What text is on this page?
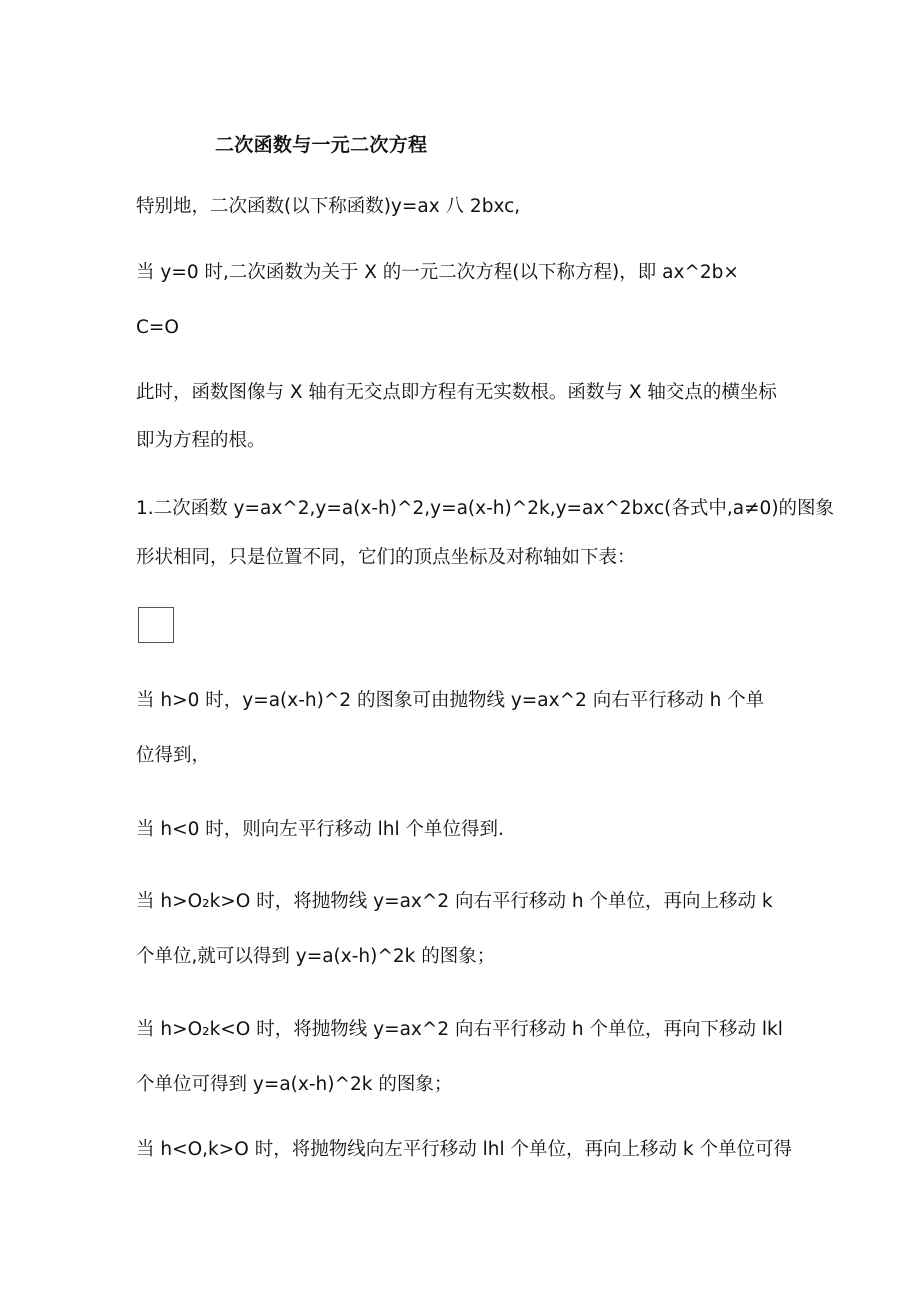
二次函数与一元二次方程
特别地，二次函数(以下称函数)y=ax 八 2bxc,
当 y=0 时,二次函数为关于 X 的一元二次方程(以下称方程)，即 ax^2b×
C=O
此时，函数图像与 X 轴有无交点即方程有无实数根。函数与 X 轴交点的横坐标
即为方程的根。
1.二次函数 y=ax^2,y=a(x-h)^2,y=a(x-h)^2k,y=ax^2bxc(各式中,a≠0)的图象
形状相同，只是位置不同，它们的顶点坐标及对称轴如下表：
当 h>0 时，y=a(x-h)^2 的图象可由抛物线 y=ax^2 向右平行移动 h 个单
位得到，
当 h<0 时，则向左平行移动 lhl 个单位得到.
当 h>O₂k>O 时，将抛物线 y=ax^2 向右平行移动 h 个单位，再向上移动 k
个单位,就可以得到 y=a(x-h)^2k 的图象；
当 h>O₂k<O 时，将抛物线 y=ax^2 向右平行移动 h 个单位，再向下移动 lkl
个单位可得到 y=a(x-h)^2k 的图象；
当 h<O,k>O 时，将抛物线向左平行移动 lhl 个单位，再向上移动 k 个单位可得
